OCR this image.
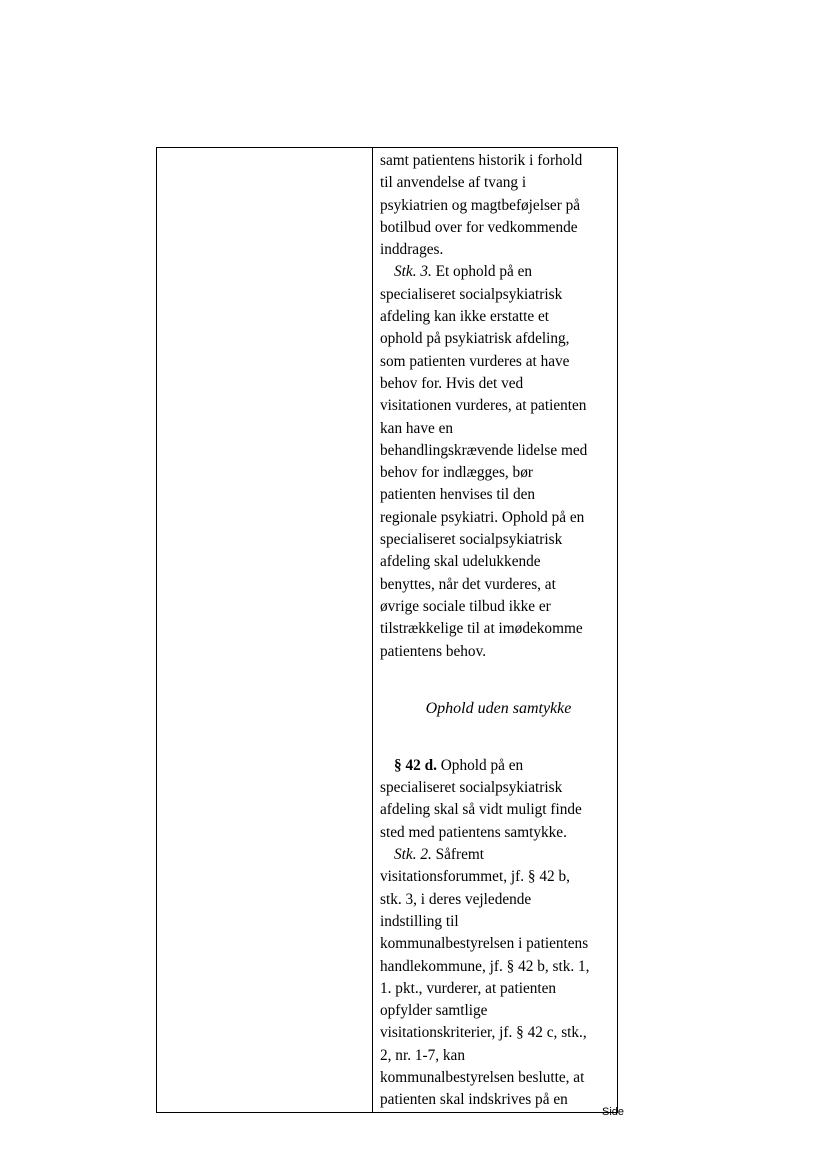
samt patientens historik i forhold
til anvendelse af tvang i
psykiatrien og magtbeføjelser på
botilbud over for vedkommende
inddrages.
Stk. 3. Et ophold på en
specialiseret socialpsykiatrisk
afdeling kan ikke erstatte et
ophold på psykiatrisk afdeling,
som patienten vurderes at have
behov for. Hvis det ved
visitationen vurderes, at patienten
kan have en
behandlingskrævende lidelse med
behov for indlægges, bør
patienten henvises til den
regionale psykiatri. Ophold på en
specialiseret socialpsykiatrisk
afdeling skal udelukkende
benyttes, når det vurderes, at
øvrige sociale tilbud ikke er
tilstrækkelige til at imødekomme
patientens behov.
Ophold uden samtykke
§ 42 d. Ophold på en
specialiseret socialpsykiatrisk
afdeling skal så vidt muligt finde
sted med patientens samtykke.
Stk. 2. Såfremt
visitationsforummet, jf. § 42 b,
stk. 3, i deres vejledende
indstilling til
kommunalbestyrelsen i patientens
handlekommune, jf. § 42 b, stk. 1,
1. pkt., vurderer, at patienten
opfylder samtlige
visitationskriterier, jf. § 42 c, stk.,
2, nr. 1-7, kan
kommunalbestyrelsen beslutte, at
patienten skal indskrives på en
Side
